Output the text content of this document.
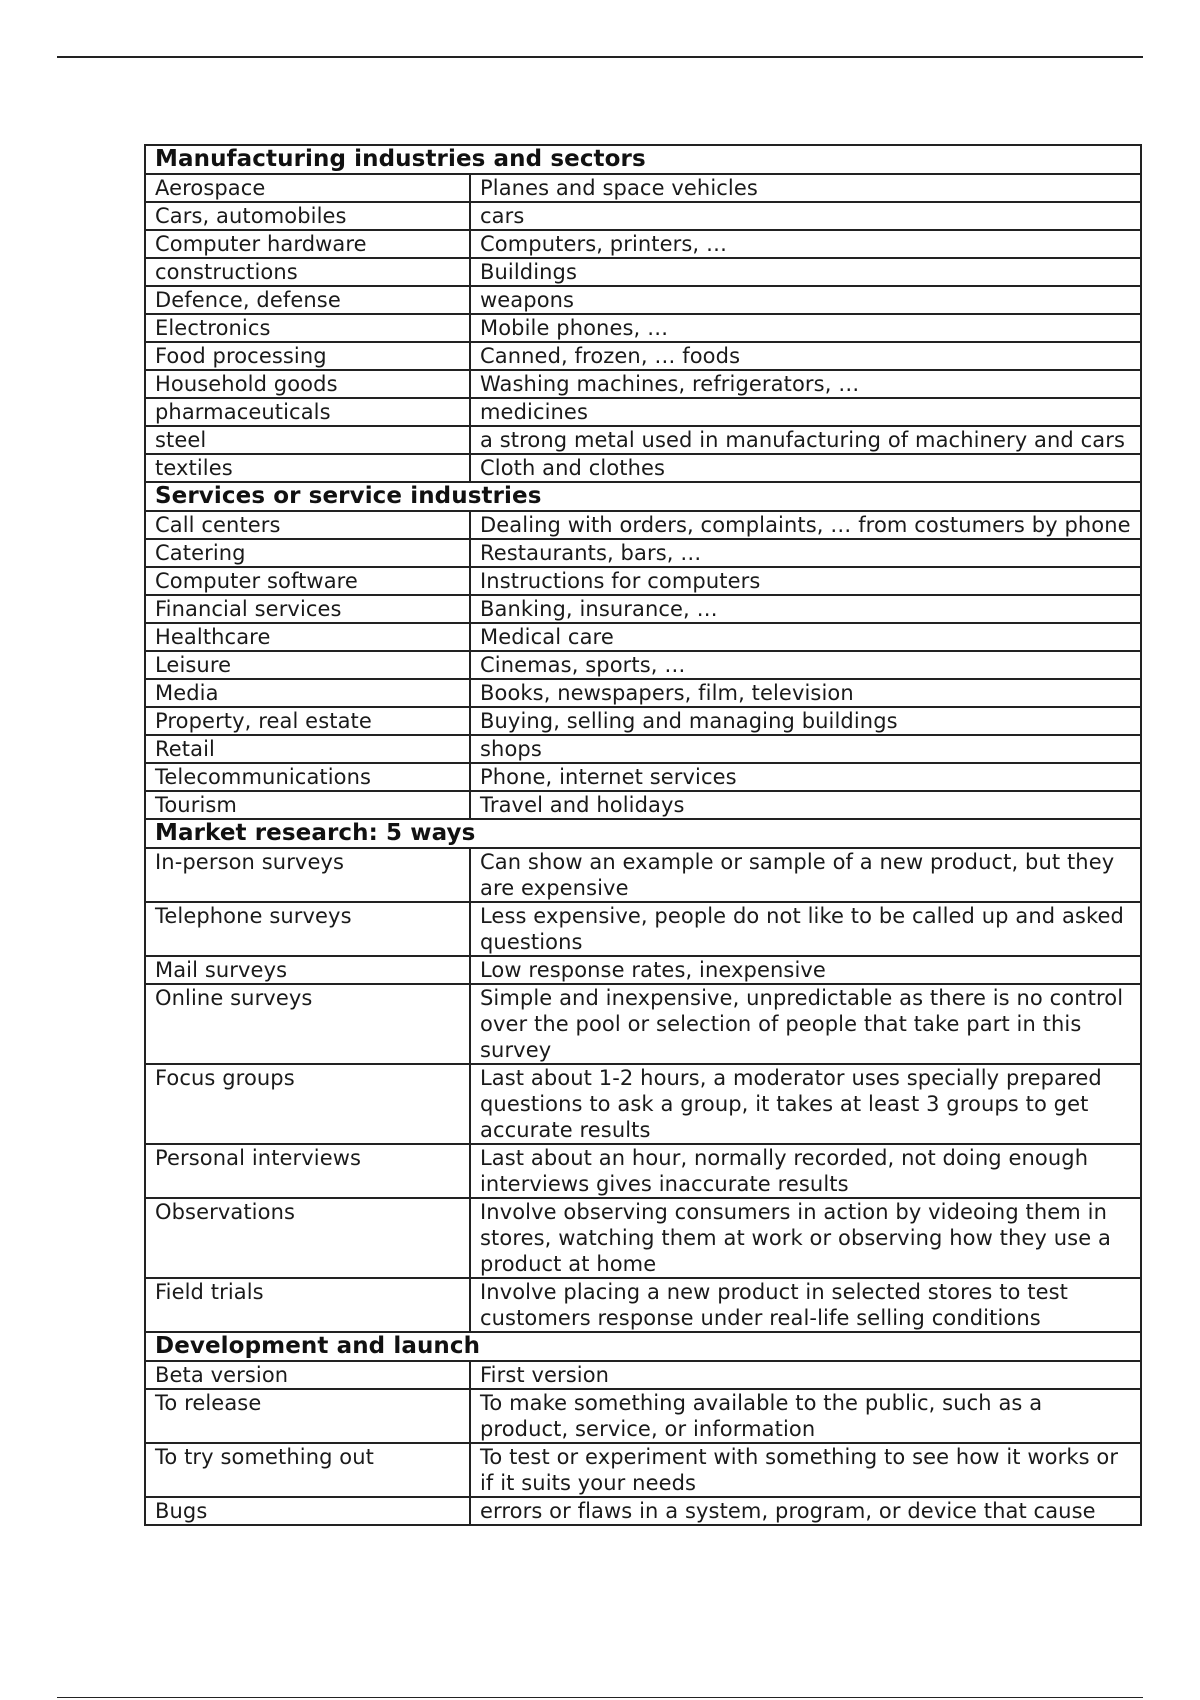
Manufacturing industries and sectors	
Aerospace	Planes and space vehicles
Cars, automobiles	cars
Computer hardware	Computers, printers, …
constructions	Buildings
Defence, defense	weapons
Electronics	Mobile phones, …
Food processing	Canned, frozen, … foods
Household goods	Washing machines, refrigerators, …
pharmaceuticals	medicines
steel	a strong metal used in manufacturing of machinery and cars
textiles	Cloth and clothes
Services or service industries	
Call centers	Dealing with orders, complaints, … from costumers by phone
Catering	Restaurants, bars, …
Computer software	Instructions for computers
Financial services	Banking, insurance, …
Healthcare	Medical care
Leisure	Cinemas, sports, …
Media	Books, newspapers, film, television
Property, real estate	Buying, selling and managing buildings
Retail	shops
Telecommunications	Phone, internet services
Tourism	Travel and holidays
Market research: 5 ways	
In-person surveys	Can show an example or sample of a new product, but they are expensive
Telephone surveys	Less expensive, people do not like to be called up and asked questions
Mail surveys	Low response rates, inexpensive
Online surveys	Simple and inexpensive, unpredictable as there is no control over the pool or selection of people that take part in this survey
Focus groups	Last about 1-2 hours, a moderator uses specially prepared questions to ask a group, it takes at least 3 groups to get accurate results
Personal interviews	Last about an hour, normally recorded, not doing enough interviews gives inaccurate results
Observations	Involve observing consumers in action by videoing them in stores, watching them at work or observing how they use a product at home
Field trials	Involve placing a new product in selected stores to test customers response under real-life selling conditions
Development and launch	
Beta version	First version
To release	To make something available to the public, such as a product, service, or information
To try something out	To test or experiment with something to see how it works or if it suits your needs
Bugs	errors or flaws in a system, program, or device that cause
